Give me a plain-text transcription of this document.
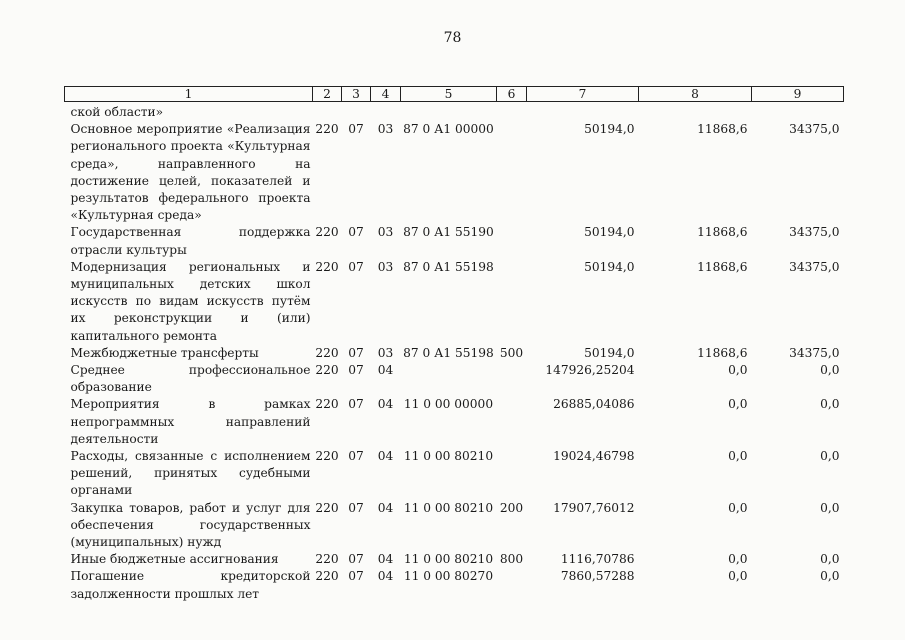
78
1	2	3	4	5	6	7	8	9
ской области»								
Основное мероприятие «Реализация регионального проекта «Культурная среда», направленного на достижение целей, показателей и результатов федерального проекта «Культурная среда»	220	07	03	87 0 А1 00000		50194,0	11868,6	34375,0
Государственная поддержка отрасли культуры	220	07	03	87 0 А1 55190		50194,0	11868,6	34375,0
Модернизация региональных и муниципальных детских школ искусств по видам искусств путём их реконструкции и (или) капитального ремонта	220	07	03	87 0 А1 55198		50194,0	11868,6	34375,0
Межбюджетные трансферты	220	07	03	87 0 А1 55198	500	50194,0	11868,6	34375,0
Среднее профессиональное образование	220	07	04			147926,25204	0,0	0,0
Мероприятия в рамках непрограммных направлений деятельности	220	07	04	11 0 00 00000		26885,04086	0,0	0,0
Расходы, связанные с исполнением решений, принятых судебными органами	220	07	04	11 0 00 80210		19024,46798	0,0	0,0
Закупка товаров, работ и услуг для обеспечения государственных (муниципальных) нужд	220	07	04	11 0 00 80210	200	17907,76012	0,0	0,0
Иные бюджетные ассигнования	220	07	04	11 0 00 80210	800	1116,70786	0,0	0,0
Погашение кредиторской задолженности прошлых лет	220	07	04	11 0 00 80270		7860,57288	0,0	0,0
